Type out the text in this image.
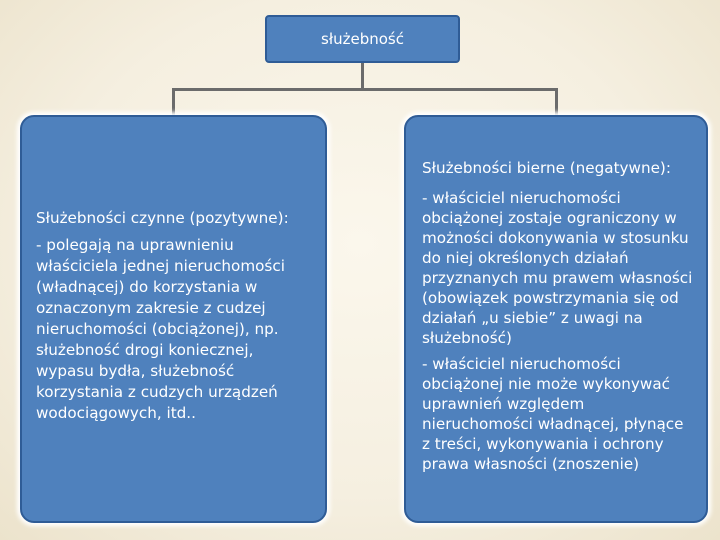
służebność

Służebności czynne (pozytywne):

- polegają na uprawnieniu właściciela jednej nieruchomości (władnącej) do korzystania w oznaczonym zakresie z cudzej nieruchomości (obciążonej), np. służebność drogi koniecznej, wypasu bydła, służebność korzystania z cudzych urządzeń wodociągowych, itd..

Służebności bierne (negatywne):

- właściciel nieruchomości obciążonej zostaje ograniczony w możności dokonywania w stosunku do niej określonych działań przyznanych mu prawem własności (obowiązek powstrzymania się od działań „u siebie” z uwagi na służebność)

- właściciel nieruchomości obciążonej nie może wykonywać uprawnień względem nieruchomości władnącej, płynące z treści, wykonywania i ochrony prawa własności (znoszenie)
